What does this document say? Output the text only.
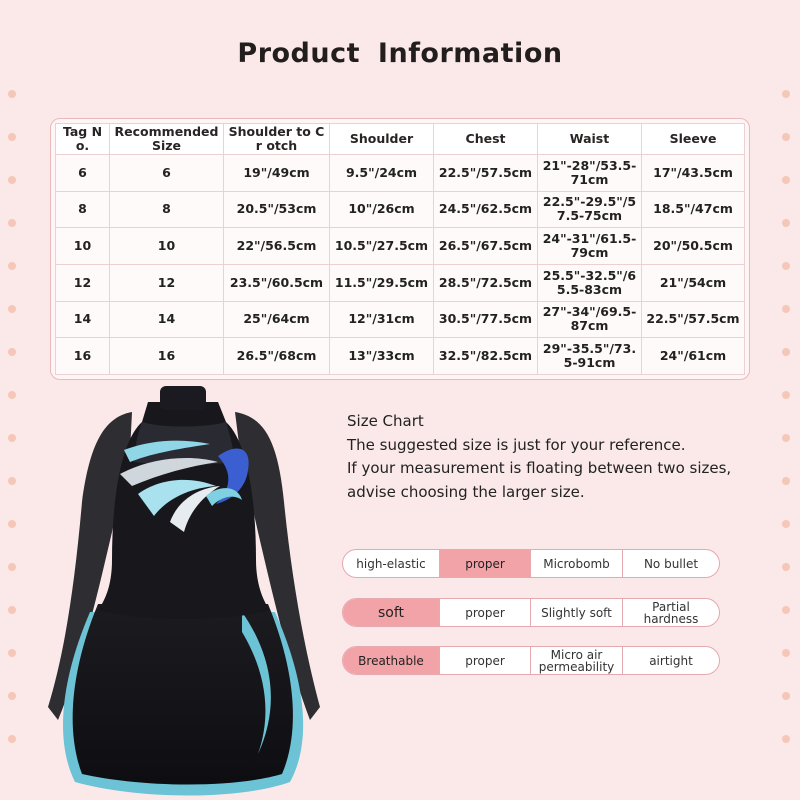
Product Information
Tag No.	Recommended Size	Shoulder to Cr otch	Shoulder	Chest	Waist	Sleeve
6	6	19"/49cm	9.5"/24cm	22.5"/57.5cm	21"-28"/53.5-71cm	17"/43.5cm
8	8	20.5"/53cm	10"/26cm	24.5"/62.5cm	22.5"-29.5"/57.5-75cm	18.5"/47cm
10	10	22"/56.5cm	10.5"/27.5cm	26.5"/67.5cm	24"-31"/61.5-79cm	20"/50.5cm
12	12	23.5"/60.5cm	11.5"/29.5cm	28.5"/72.5cm	25.5"-32.5"/65.5-83cm	21"/54cm
14	14	25"/64cm	12"/31cm	30.5"/77.5cm	27"-34"/69.5-87cm	22.5"/57.5cm
16	16	26.5"/68cm	13"/33cm	32.5"/82.5cm	29"-35.5"/73.5-91cm	24"/61cm
Size Chart
The suggested size is just for your reference.
If your measurement is floating between two sizes,
advise choosing the larger size.
high-elastic	proper	Microbomb	No bullet
soft	proper	Slightly soft	Partial hardness
Breathable	proper	Micro air permeability	airtight
